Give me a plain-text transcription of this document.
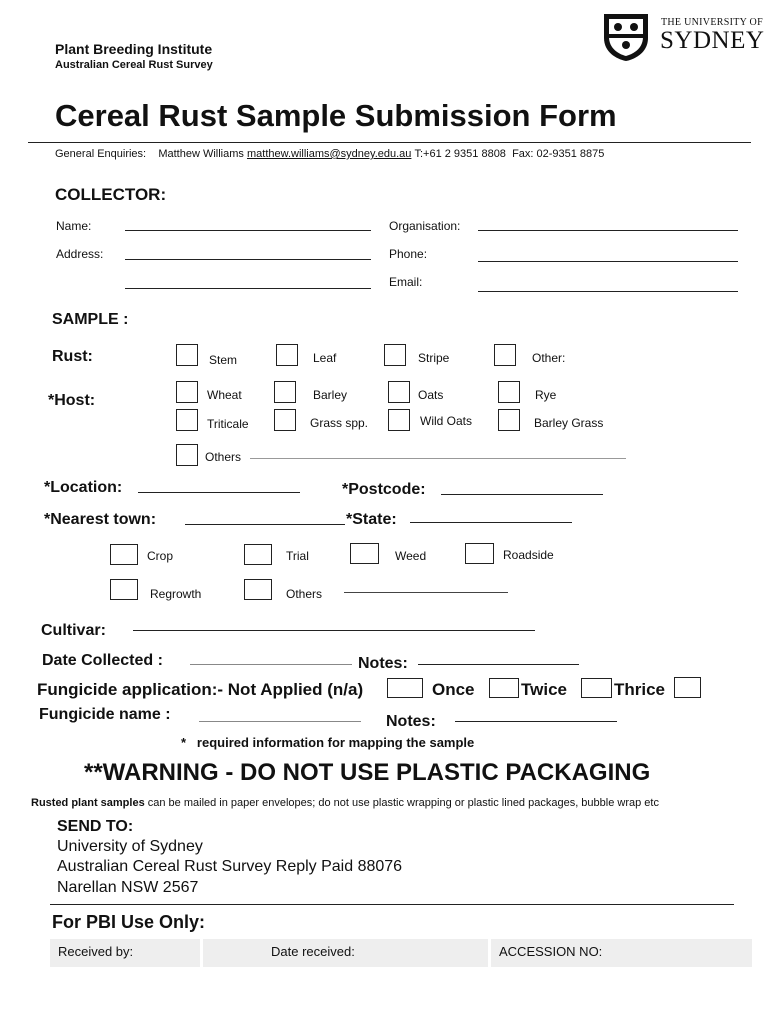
Plant Breeding Institute
Australian Cereal Rust Survey
THE UNIVERSITY OF
SYDNEY
Cereal Rust Sample Submission Form
General Enquiries: Matthew Williams matthew.williams@sydney.edu.au T:+61 2 9351 8808 Fax: 02-9351 8875
COLLECTOR:
Name:	Organisation:
Address:	Phone:
Email:
SAMPLE :
Rust:	Stem	Leaf	Stripe	Other:
*Host:	Wheat	Barley	Oats	Rye
Triticale	Grass spp.	Wild Oats	Barley Grass
Others
*Location:	*Postcode:
*Nearest town:	*State:
Crop	Trial	Weed	Roadside
Regrowth	Others
Cultivar:
Date Collected :	Notes:
Fungicide application:- Not Applied (n/a)	Once	Twice	Thrice
Fungicide name :	Notes:
* required information for mapping the sample
**WARNING - DO NOT USE PLASTIC PACKAGING
Rusted plant samples can be mailed in paper envelopes; do not use plastic wrapping or plastic lined packages, bubble wrap etc
SEND TO:
University of Sydney
Australian Cereal Rust Survey Reply Paid 88076
Narellan NSW 2567
For PBI Use Only:
Received by:	Date received:	ACCESSION NO:
